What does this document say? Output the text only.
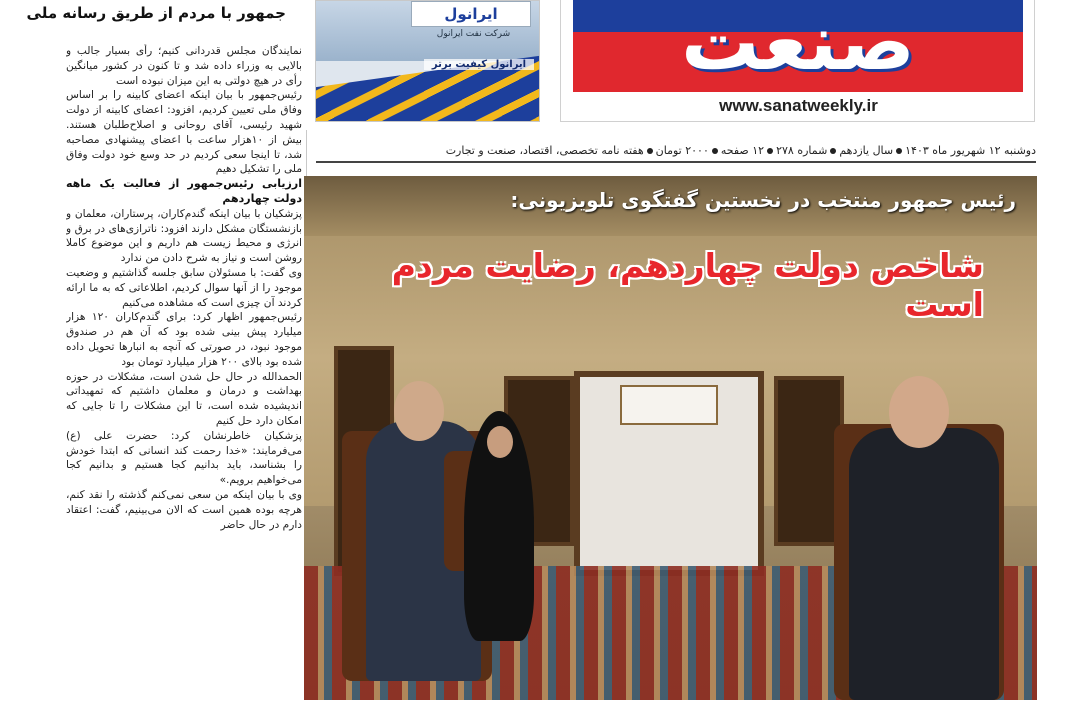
جمهور با مردم از طریق رسانه ملی	ایرانول
شرکت نفت ایرانول
ایرانول کیفیت برتر	صنعت
www.sanatweekly.ir

نمایندگان مجلس قدردانی کنیم؛ رأی بسیار جالب و بالایی به وزراء داده شد و تا کنون در کشور میانگین رأی در هیچ دولتی به این میزان نبوده است

رئیس‌جمهور با بیان اینکه اعضای کابینه را بر اساس وفاق ملی تعیین کردیم، افزود: اعضای کابینه از دولت شهید رئیسی، آقای روحانی و اصلاح‌طلبان هستند. بیش از ۱۰هزار ساعت با اعضای پیشنهادی مصاحبه شد، تا اینجا سعی کردیم در حد وسع خود دولت وفاق ملی را تشکیل دهیم

ارزیابی رئیس‌جمهور از فعالیت یک ماهه دولت چهاردهم

پزشکیان با بیان اینکه گندم‌کاران، پرستاران، معلمان و بازنشستگان مشکل دارند افزود: ناترازی‌های در برق و انرژی و محیط زیست هم داریم و این موضوع کاملا روشن است و نیاز به شرح دادن من ندارد

وی گفت: با مسئولان سابق جلسه گذاشتیم و وضعیت موجود را از آنها سوال کردیم، اطلاعاتی که به ما ارائه کردند آن چیزی است که مشاهده می‌کنیم

رئیس‌جمهور اظهار کرد: برای گندم‌کاران ۱۲۰ هزار میلیارد پیش بینی شده بود که آن هم در صندوق موجود نبود، در صورتی که آنچه به انبارها تحویل داده شده بود بالای ۲۰۰ هزار میلیارد تومان بود

الحمدالله در حال حل شدن است، مشکلات در حوزه بهداشت و درمان و معلمان داشتیم که تمهیداتی اندیشیده شده است، تا این مشکلات را تا جایی که امکان دارد حل کنیم

پزشکیان خاطرنشان کرد: حضرت علی (ع) می‌فرمایند: «خدا رحمت کند انسانی که ابتدا خودش را بشناسد، باید بدانیم کجا هستیم و بدانیم کجا می‌خواهیم برویم.»

وی با بیان اینکه من سعی نمی‌کنم گذشته را نقد کنم، هرچه بوده همین است که الان می‌بینیم، گفت: اعتقاد دارم در حال حاضر

دوشنبه ۱۲ شهریور ماه ۱۴۰۳سال یازدهمشماره ۲۷۸۱۲ صفحه۲۰۰۰ تومانهفته نامه تخصصی، اقتصاد، صنعت و تجارت
رئیس جمهور منتخب در نخستین گفتگوی تلویزیونی:
شاخص دولت چهاردهم، رضایت مردم است
